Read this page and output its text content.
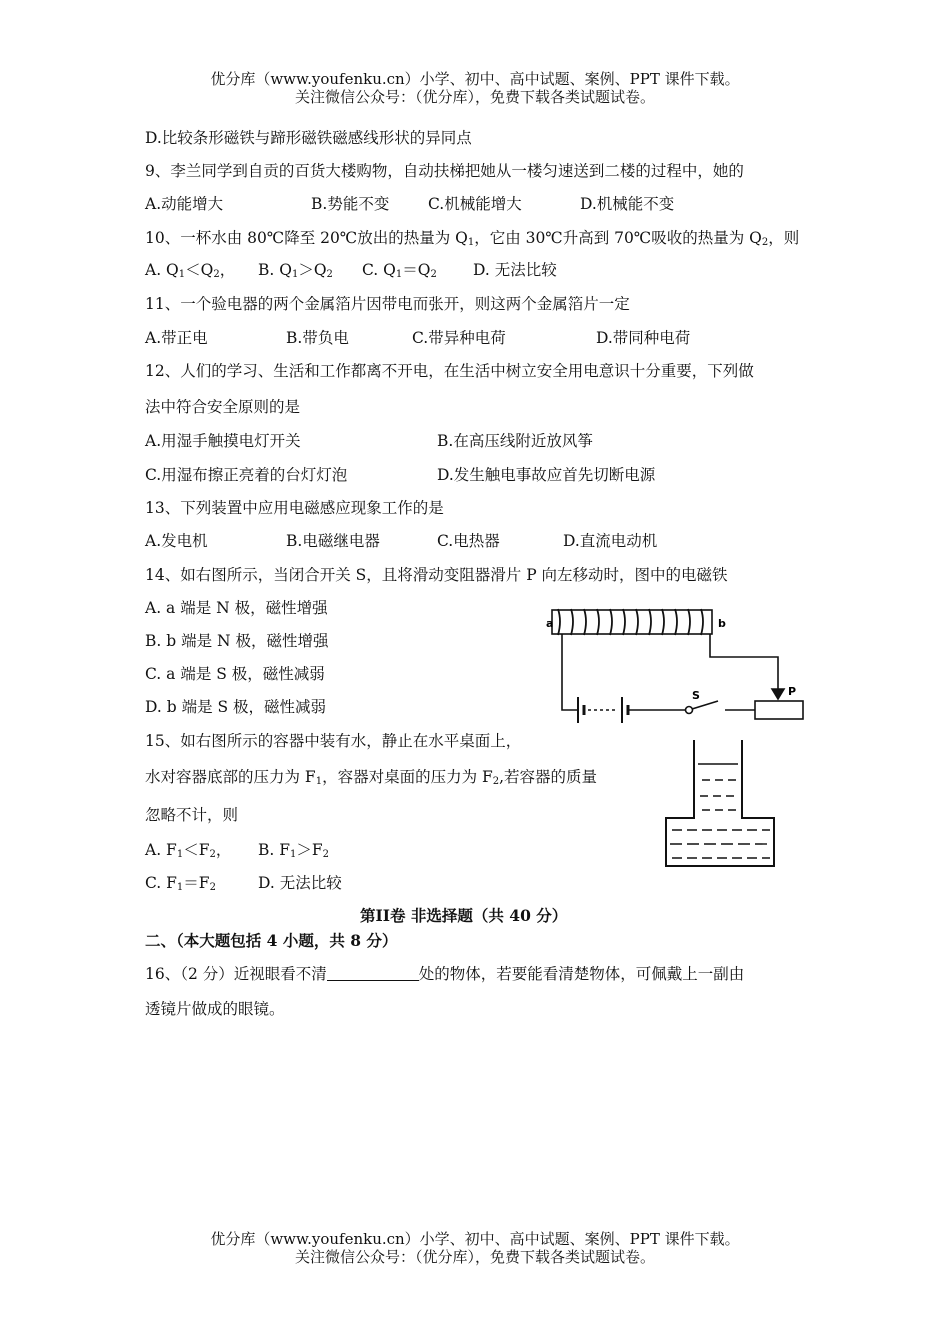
优分库（www.youfenku.cn）小学、初中、高中试题、案例、PPT 课件下载。
关注微信公众号：（优分库），免费下载各类试题试卷。
D.比较条形磁铁与蹄形磁铁磁感线形状的异同点
9、李兰同学到自贡的百货大楼购物，自动扶梯把她从一楼匀速送到二楼的过程中，她的
A.动能增大	B.势能不变 C.机械能增大	D.机械能不变
10、一杯水由 80℃降至 20℃放出的热量为 $Q_1$，它由 30℃升高到 70℃吸收的热量为 $Q_2$，则
A. $Q_1<Q_2$， B. $Q_1>Q_2$ C. $Q_1=Q_2$ D. 无法比较
11、一个验电器的两个金属箔片因带电而张开，则这两个金属箔片一定
A.带正电	B.带负电	C.带异种电荷	D.带同种电荷
12、人们的学习、生活和工作都离不开电，在生活中树立安全用电意识十分重要，下列做
法中符合安全原则的是
A.用湿手触摸电灯开关	B.在高压线附近放风筝
C.用湿布擦正亮着的台灯灯泡	D.发生触电事故应首先切断电源
13、下列装置中应用电磁感应现象工作的是
A.发电机	B.电磁继电器	C.电热器	D.直流电动机
14、如右图所示，当闭合开关 S，且将滑动变阻器滑片 P 向左移动时，图中的电磁铁
A. a 端是 N 极，磁性增强
B. b 端是 N 极，磁性增强
C. a 端是 S 极，磁性减弱
D. b 端是 S 极，磁性减弱
a	b
S	P
15、如右图所示的容器中装有水，静止在水平桌面上，
水对容器底部的压力为 $F_1$，容器对桌面的压力为 $F_2$,若容器的质量
忽略不计，则
A. $F_1<F_2$， B. $F_1>F_2$
C. $F_1=F_2$	D. 无法比较
第II卷 非选择题（共 40 分）
二、（本大题包括 4 小题，共 8 分）
16、（2 分）近视眼看不清	处的物体，若要能看清楚物体，可佩戴上一副由
透镜片做成的眼镜。
优分库（www.youfenku.cn）小学、初中、高中试题、案例、PPT 课件下载。
关注微信公众号：（优分库），免费下载各类试题试卷。
